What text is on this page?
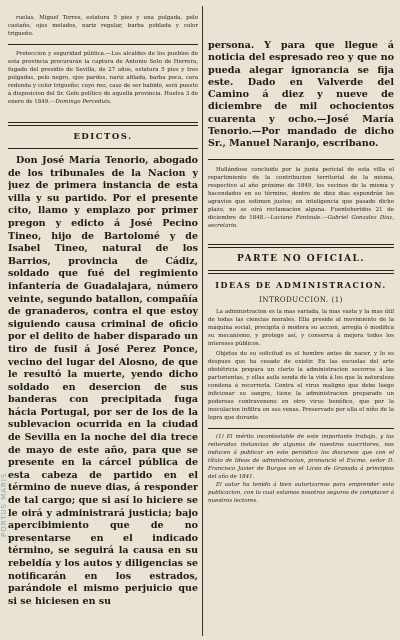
PORTUS MARIS

ruelas. Miguel Torres, estatura 5 pies y una pulgada, pelo castaño, ojos melados, nariz regular, barba poblada y color trigueño.

Proteccion y seguridad pública.—Los alcaldes de los pueblos de esta provincia procurarán la captura de Antonio Soto de Herrera, fugado del presidio de Sevilla, de 27 años, estatura 5 pies y tres pulgadas, pelo negro, ojos pardos, nariz afilada, barba poca, cara redonda y color trigueño; cuyo reo, caso de ser habido, será puesto á disposicion del Sr. Gefe político de aquella provincia. Huelva 3 de enero de 1849.—Domingo Perceduix.

EDICTOS.

Don José María Tenorio, abogado de los tribunales de la Nacion y juez de primera instancia de esta villa y su partido. Por el presente cito, llamo y emplazo por primer pregon y edicto á José Pecino Tineo, hijo de Bartolomé y de Isabel Tineo, natural de los Barrios, provincia de Cádiz, soldado que fué del regimiento infantería de Guadalajara, número veinte, segundo batallon, compañía de granaderos, contra el que estoy siguiendo causa criminal de oficio por el delito de haber disparado un tiro de fusil á José Perez Ponce, vecino del lugar del Alosno, de que le resultó la muerte, yendo dicho soldado en desercion de sus banderas con precipitada fuga hácia Portugal, por ser de los de la sublevacion ocurrida en la ciudad de Sevilla en la noche del dia trece de mayo de este año, para que se presente en la cárcel pública de esta cabeza de partido en el término de nueve dias, á responder de tal cargo; que si así lo hiciere se le oirá y administrará justicia; bajo apercibimiento que de no presentarse en el indicado término, se seguirá la causa en su rebeldía y los autos y diligencias se notificarán en los estrados, parándole el mismo perjuicio que si se hiciesen en su

persona. Y para que llegue á noticia del espresado reo y que no pueda alegar ignorancia se fija este. Dado en Valverde del Camino á diez y nueve de diciembre de mil ochocientos cuarenta y ocho.—José María Tenorio.—Por mandado de dicho Sr., Manuel Naranjo, escribano.

Hallándose concluido por la junta pericial de esta villa el repartimiento de la contribucion territorial de la misma, respectivo al año próximo de 1849, los vecinos de la misma y hacendados en su término, dentro de diez dias espondrán los agravios que estimen justos; en inteligencia que pasado dicho plazo, no se oirá reclamacion alguna. Fuenteheridos 21 de diciembre de 1848.—Luciano Fontoule.—Gabriel Gonzalez Diaz, secretario.

PARTE NO OFICIAL.
IDEAS DE ADMINISTRACION.
INTRODUCCION. (1)

La administracion es la mas variada, la mas vasta y la mas útil de todas las ciencias morales. Ella preside al movimiento de la máquina social, precipita ó modera su accion, arregla ó modifica su mecanismo, y protege así, y conserva á mejora todos los intereses públicos.

Objetos de su solicitud es el hombre antes de nacer, y lo es despues que ha cesado de existir. En las escuelas del arte obstétricia prepara un clerto la administracion socorros á las parturientas, y ellas asila senda de la vida á los que la naturaleza condena á recorrerla. Contra el virus maligno que debe luego inficionar su sangre, tiene la administracion preparado un poderoso contraveneno en otro virus benéfico, que por la inoculacion infiltra en sus venas. Preservado por ella el niño de la lepra que durante

(1) El mérito incontestable de este importante trabajo, y las reiteradas instancias de algunos de nuestros suscritores, nos inducen á publicar en este periódico los discursos que con el título de Ideas de administracion, pronunció el Excmo. señor D. Francisco Javier de Burgos en el Liceo de Granada á principios del año de 1841.

El autor ha tenido á bien autorizarnos para emprender esta publicacion, con lo cual estamos nosotros seguros de complacer á nuestros lectores.
